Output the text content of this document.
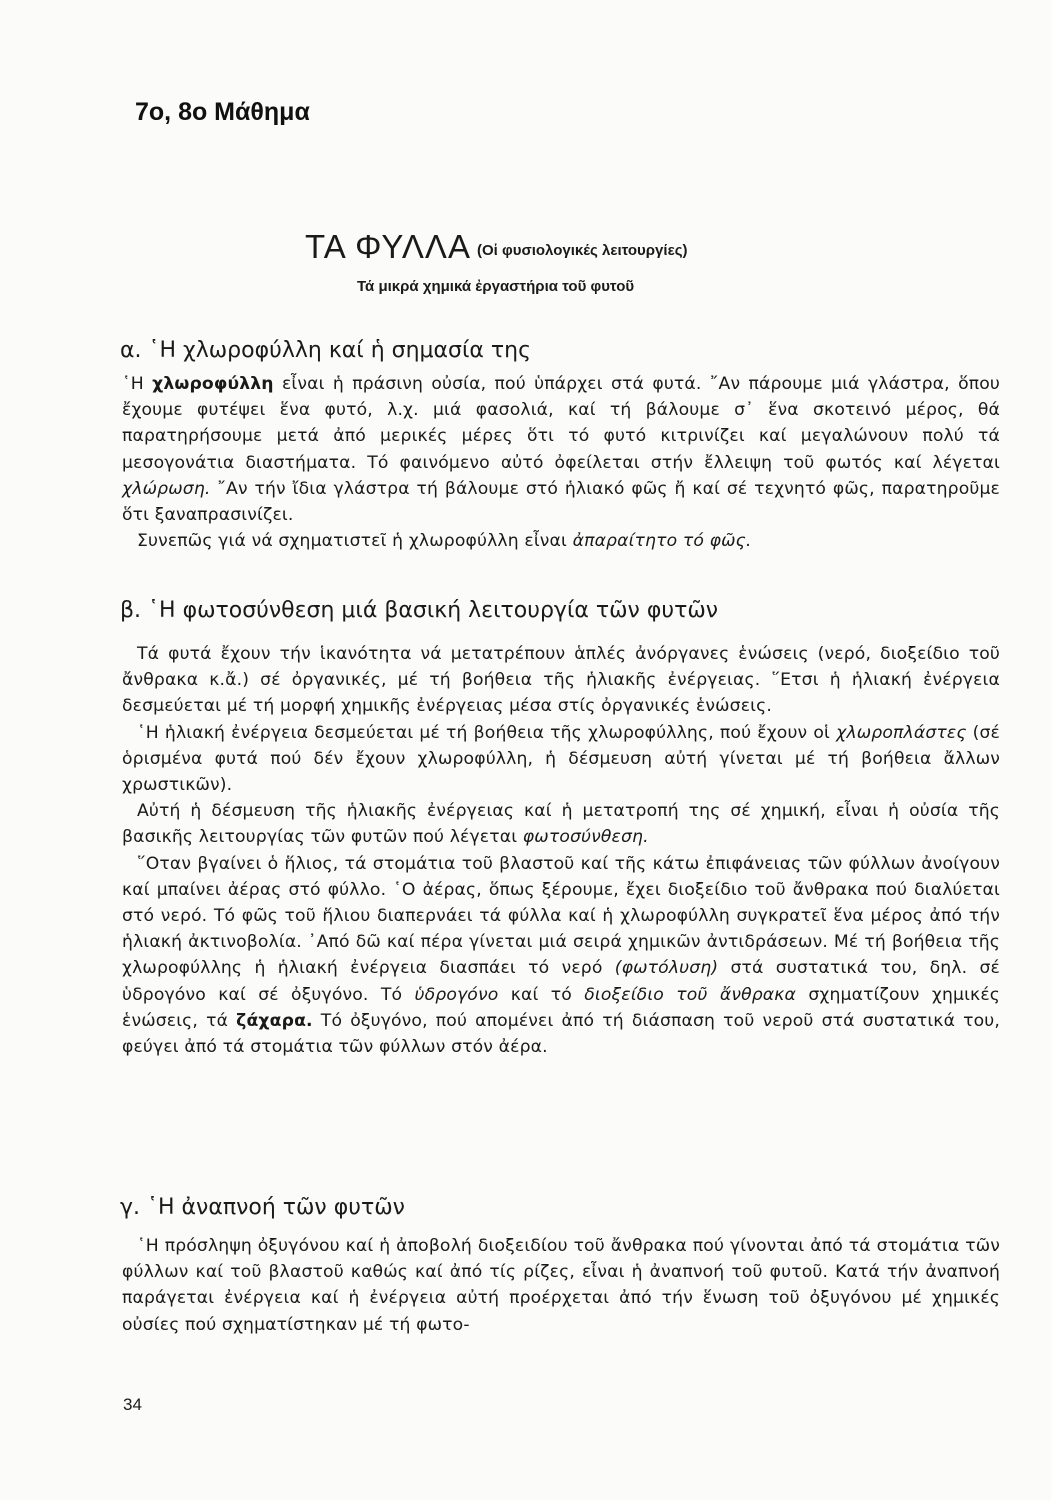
7ο, 8ο Μάθημα
ΤΑ ΦΥΛΛΑ (Οἱ φυσιολογικές λειτουργίες)
Τά μικρά χημικά ἐργαστήρια τοῦ φυτοῦ
α. ῾Η χλωροφύλλη καί ἡ σημασία της

῾Η χλωροφύλλη εἶναι ἡ πράσινη οὐσία, πού ὑπάρχει στά φυτά. ῎Αν πάρουμε μιά γλάστρα, ὅπου ἔχουμε φυτέψει ἕνα φυτό, λ.χ. μιά φασολιά, καί τή βάλουμε σ᾽ ἕνα σκοτεινό μέρος, θά παρατηρήσουμε μετά ἀπό μερικές μέρες ὅτι τό φυτό κιτρινίζει καί μεγαλώνουν πολύ τά μεσογονάτια διαστήματα. Τό φαινόμενο αὐτό ὀφείλεται στήν ἔλλειψη τοῦ φωτός καί λέγεται χλώρωση. ῎Αν τήν ἴδια γλάστρα τή βάλουμε στό ἡλιακό φῶς ἤ καί σέ τεχνητό φῶς, παρατηροῦμε ὅτι ξαναπρασινίζει.

Συνεπῶς γιά νά σχηματιστεῖ ἡ χλωροφύλλη εἶναι ἀπαραίτητο τό φῶς.

β. ῾Η φωτοσύνθεση μιά βασική λειτουργία τῶν φυτῶν

Τά φυτά ἔχουν τήν ἱκανότητα νά μετατρέπουν ἁπλές ἀνόργανες ἑνώσεις (νερό, διοξείδιο τοῦ ἄνθρακα κ.ἄ.) σέ ὀργανικές, μέ τή βοήθεια τῆς ἡλιακῆς ἐνέργειας. ῞Ετσι ἡ ἡλιακή ἐνέργεια δεσμεύεται μέ τή μορφή χημικῆς ἐνέργειας μέσα στίς ὀργανικές ἑνώσεις.

῾Η ἡλιακή ἐνέργεια δεσμεύεται μέ τή βοήθεια τῆς χλωροφύλλης, πού ἔχουν οἱ χλωροπλάστες (σέ ὁρισμένα φυτά πού δέν ἔχουν χλωροφύλλη, ἡ δέσμευση αὐτή γίνεται μέ τή βοήθεια ἄλλων χρωστικῶν).

Αὐτή ἡ δέσμευση τῆς ἡλιακῆς ἐνέργειας καί ἡ μετατροπή της σέ χημική, εἶναι ἡ οὐσία τῆς βασικῆς λειτουργίας τῶν φυτῶν πού λέγεται φωτοσύνθεση.

῞Οταν βγαίνει ὁ ἥλιος, τά στομάτια τοῦ βλαστοῦ καί τῆς κάτω ἐπιφάνειας τῶν φύλλων ἀνοίγουν καί μπαίνει ἀέρας στό φύλλο. ῾Ο ἀέρας, ὅπως ξέρουμε, ἔχει διοξείδιο τοῦ ἄνθρακα πού διαλύεται στό νερό. Τό φῶς τοῦ ἥλιου διαπερνάει τά φύλλα καί ἡ χλωροφύλλη συγκρατεῖ ἕνα μέρος ἀπό τήν ἡλιακή ἀκτινοβολία. ᾽Από δῶ καί πέρα γίνεται μιά σειρά χημικῶν ἀντιδράσεων. Μέ τή βοήθεια τῆς χλωροφύλλης ἡ ἡλιακή ἐνέργεια διασπάει τό νερό (φωτόλυση) στά συστατικά του, δηλ. σέ ὑδρογόνο καί σέ ὀξυγόνο. Τό ὑδρογόνο καί τό διοξείδιο τοῦ ἄνθρακα σχηματίζουν χημικές ἑνώσεις, τά ζάχαρα. Τό ὀξυγόνο, πού απομένει ἀπό τή διάσπαση τοῦ νεροῦ στά συστατικά του, φεύγει ἀπό τά στομάτια τῶν φύλλων στόν ἀέρα.

γ. ῾Η ἀναπνοή τῶν φυτῶν

῾Η πρόσληψη ὀξυγόνου καί ἡ ἀποβολή διοξειδίου τοῦ ἄνθρακα πού γίνονται ἀπό τά στομάτια τῶν φύλλων καί τοῦ βλαστοῦ καθώς καί ἀπό τίς ρίζες, εἶναι ἡ ἀναπνοή τοῦ φυτοῦ. Κατά τήν ἀναπνοή παράγεται ἐνέργεια καί ἡ ἐνέργεια αὐτή προέρχεται ἀπό τήν ἕνωση τοῦ ὀξυγόνου μέ χημικές οὐσίες πού σχηματίστηκαν μέ τή φωτο-

34
